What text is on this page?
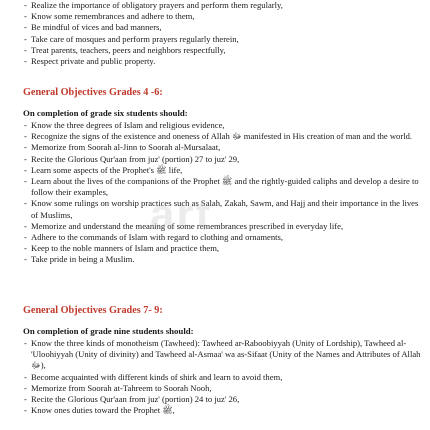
- Realize the importance of obligatory prayers and perform them regularly,
- Know some remembrances and adhere to them,
- Be mindful of vices and bad manners,
- Take care of mosques and perform prayers regularly therein,
- Treat parents, teachers, peers and neighbors respectfully,
- Respect private and public property.
General Objectives Grades 4 -6:
On completion of grade six students should:
- Know the three degrees of Islam and religious evidence,
- Recognize the signs of the existence and oneness of Allah ﷻ manifested in His creation of man and the world.
- Memorize from Soorah al-Jinn to Soorah al-Mursalaat,
- Recite the Glorious Qur'aan from juz' (portion) 27 to juz' 29,
- Learn some aspects of the Prophet's ﷺ life,
- Learn about the lives of the companions of the Prophet ﷺ and the rightly-guided caliphs and develop a desire to follow their examples,
- Know some rulings on worship practices such as Salah, Zakah, Sawm, and Hajj and their importance in the lives of Muslims,
- Memorize and understand the meaning of some remembrances prescribed in everyday life,
- Adhere to the commands of Islam with regard to clothing and ornaments,
- Keep to the noble manners of Islam and practice them,
- Take pride in being a Muslim.
General Objectives Grades 7- 9:
On completion of grade nine students should:
- Know the three kinds of monotheism (Tawheed): Tawheed ar-Raboobiyyah (Unity of Lordship), Tawheed al-'Uloohiyyah (Unity of divinity) and Tawheed al-Asmaa' wa as-Sifaat (Unity of the Names and Attributes of Allah ﷻ),
- Become acquainted with different kinds of shirk and learn to avoid them,
- Memorize from Soorah at-Tahreem to Soorah Nooh,
- Recite the Glorious Qur'aan from juz' (portion) 24 to juz' 26,
- Know ones duties toward the Prophet ﷺ,
art
